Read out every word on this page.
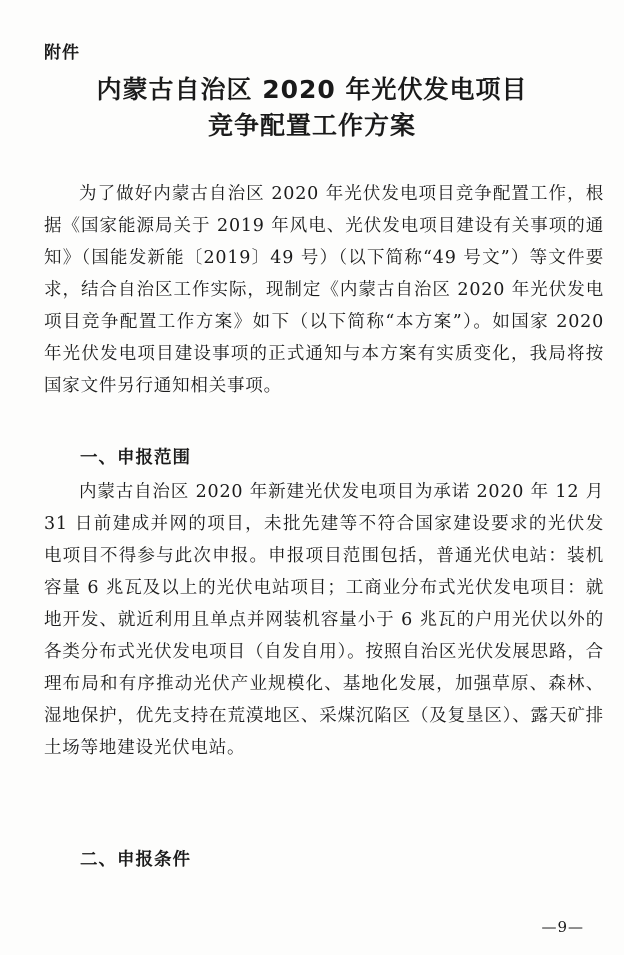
附件
内蒙古自治区 2020 年光伏发电项目
竞争配置工作方案

为了做好内蒙古自治区 2020 年光伏发电项目竞争配置工作，根据《国家能源局关于 2019 年风电、光伏发电项目建设有关事项的通知》（国能发新能〔2019〕49 号）（以下简称“49 号文”）等文件要求，结合自治区工作实际，现制定《内蒙古自治区 2020 年光伏发电项目竞争配置工作方案》如下（以下简称“本方案”）。如国家 2020 年光伏发电项目建设事项的正式通知与本方案有实质变化，我局将按国家文件另行通知相关事项。

一、申报范围

内蒙古自治区 2020 年新建光伏发电项目为承诺 2020 年 12 月 31 日前建成并网的项目，未批先建等不符合国家建设要求的光伏发电项目不得参与此次申报。申报项目范围包括，普通光伏电站：装机容量 6 兆瓦及以上的光伏电站项目；工商业分布式光伏发电项目：就地开发、就近利用且单点并网装机容量小于 6 兆瓦的户用光伏以外的各类分布式光伏发电项目（自发自用）。按照自治区光伏发展思路，合理布局和有序推动光伏产业规模化、基地化发展，加强草原、森林、湿地保护，优先支持在荒漠地区、采煤沉陷区（及复垦区）、露天矿排土场等地建设光伏电站。

二、申报条件
—9—
